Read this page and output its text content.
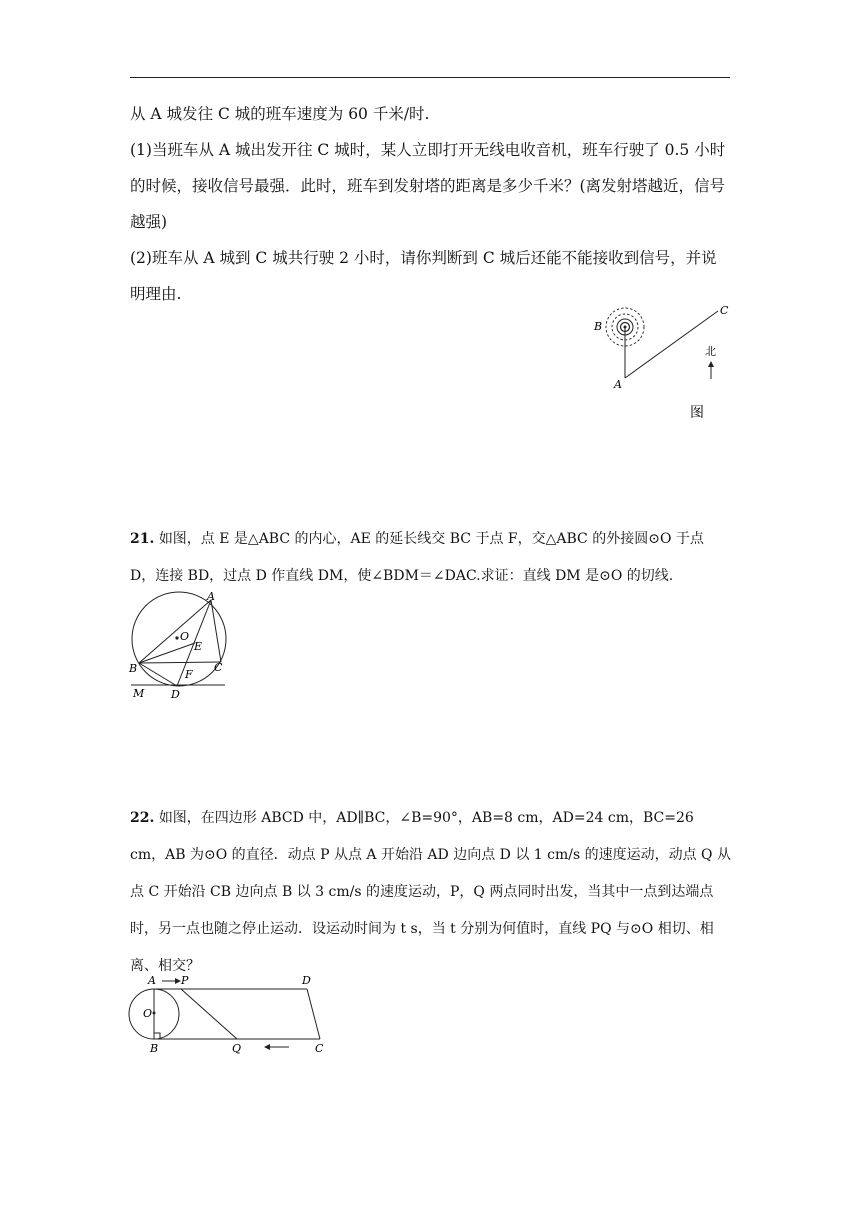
从 A 城发往 C 城的班车速度为 60 千米/时.

(1)当班车从 A 城出发开往 C 城时，某人立即打开无线电收音机，班车行驶了 0.5 小时的时候，接收信号最强．此时，班车到发射塔的距离是多少千米？(离发射塔越近，信号越强)

(2)班车从 A 城到 C 城共行驶 2 小时，请你判断到 C 城后还能不能接收到信号，并说明理由.

B
A
C
北
图

21. 如图，点 E 是△ABC 的内心，AE 的延长线交 BC 于点 F，交△ABC 的外接圆⊙O 于点 D，连接 BD，过点 D 作直线 DM，使∠BDM＝∠DAC.求证：直线 DM 是⊙O 的切线.

A
O
E
B	C
F
M D

22. 如图，在四边形 ABCD 中，AD∥BC，∠B=90°，AB=8 cm，AD=24 cm，BC=26 cm，AB 为⊙O 的直径．动点 P 从点 A 开始沿 AD 边向点 D 以 1 cm/s 的速度运动，动点 Q 从点 C 开始沿 CB 边向点 B 以 3 cm/s 的速度运动，P，Q 两点同时出发，当其中一点到达端点时，另一点也随之停止运动．设运动时间为 t s，当 t 分别为何值时，直线 PQ 与⊙O 相切、相离、相交？

A P	D
O
B	Q	C
